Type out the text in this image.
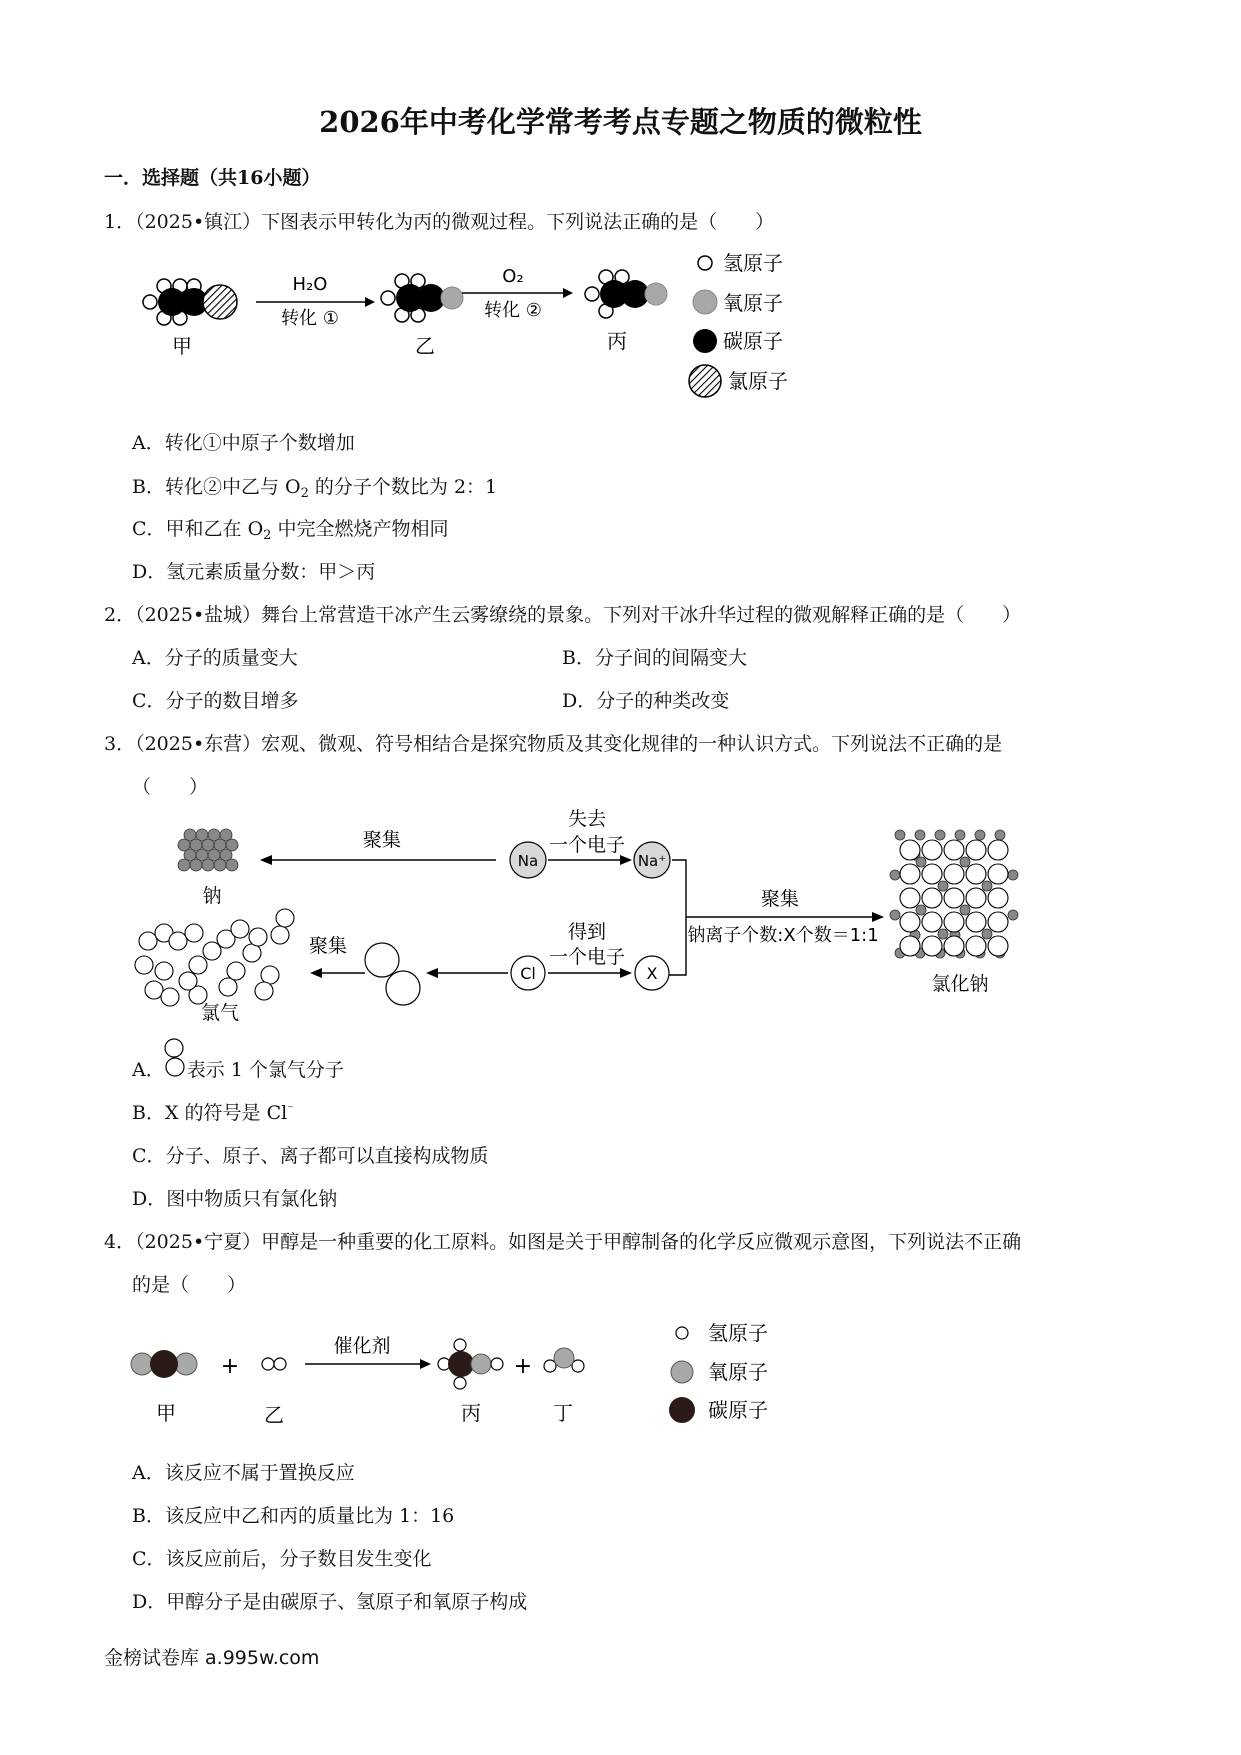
2026年中考化学常考考点专题之物质的微粒性
一．选择题（共16小题）
1．（2025•镇江）下图表示甲转化为丙的微观过程。下列说法正确的是（　　）
H₂O
转化 ①
O₂
转化 ②
甲	乙	丙
氢原子
氧原子
碳原子
氯原子
A．转化①中原子个数增加
B．转化②中乙与 $O_2$ 的分子个数比为 2：1
C．甲和乙在 $O_2$ 中完全燃烧产物相同
D．氢元素质量分数：甲＞丙
2．（2025•盐城）舞台上常营造干冰产生云雾缭绕的景象。下列对干冰升华过程的微观解释正确的是（　　）
A．分子的质量变大	B．分子间的间隔变大
C．分子的数目增多	D．分子的种类改变
3．（2025•东营）宏观、微观、符号相结合是探究物质及其变化规律的一种认识方式。下列说法不正确的是
（　　）
钠
聚集
Na
失去
一个电子
Na⁺
聚集
钠离子个数:X个数＝1:1
氯化钠
氯气
聚集
Cl
得到
一个电子
X
A． 表示 1 个氯气分子
B．X 的符号是 Cl⁻
C．分子、原子、离子都可以直接构成物质
D．图中物质只有氯化钠
4．（2025•宁夏）甲醇是一种重要的化工原料。如图是关于甲醇制备的化学反应微观示意图，下列说法不正确
的是（　　）
+
催化剂
+
甲	乙	丙	丁
氢原子
氧原子
碳原子
A．该反应不属于置换反应
B．该反应中乙和丙的质量比为 1：16
C．该反应前后，分子数目发生变化
D．甲醇分子是由碳原子、氢原子和氧原子构成
金榜试卷库 a.995w.com
